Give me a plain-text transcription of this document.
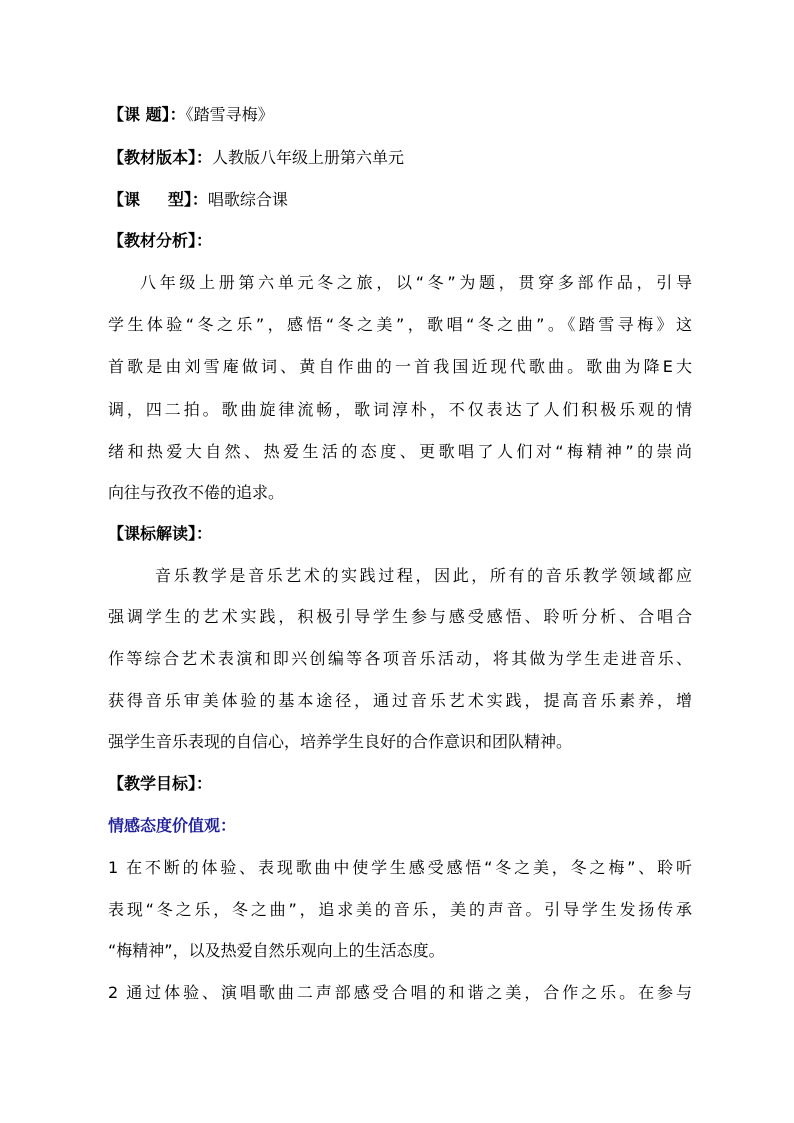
【课 题】：《踏雪寻梅》
【教材版本】：人教版八年级上册第六单元
【课     型】：唱歌综合课
【教材分析】：
八年级上册第六单元冬之旅，以“冬”为题，贯穿多部作品，引导
学生体验“冬之乐”，感悟“冬之美”，歌唱“冬之曲”。《踏雪寻梅》这
首歌是由刘雪庵做词、黄自作曲的一首我国近现代歌曲。歌曲为降E大
调，四二拍。歌曲旋律流畅，歌词淳朴，不仅表达了人们积极乐观的情
绪和热爱大自然、热爱生活的态度、更歌唱了人们对“梅精神”的崇尚
向往与孜孜不倦的追求。
【课标解读】：
音乐教学是音乐艺术的实践过程，因此，所有的音乐教学领域都应
强调学生的艺术实践，积极引导学生参与感受感悟、聆听分析、合唱合
作等综合艺术表演和即兴创编等各项音乐活动，将其做为学生走进音乐、
获得音乐审美体验的基本途径，通过音乐艺术实践，提高音乐素养，增
强学生音乐表现的自信心，培养学生良好的合作意识和团队精神。
【教学目标】：
情感态度价值观：
1 在不断的体验、表现歌曲中使学生感受感悟“冬之美，冬之梅”、聆听
表现“冬之乐，冬之曲”，追求美的音乐，美的声音。引导学生发扬传承
“梅精神”，以及热爱自然乐观向上的生活态度。
2 通过体验、演唱歌曲二声部感受合唱的和谐之美，合作之乐。在参与
